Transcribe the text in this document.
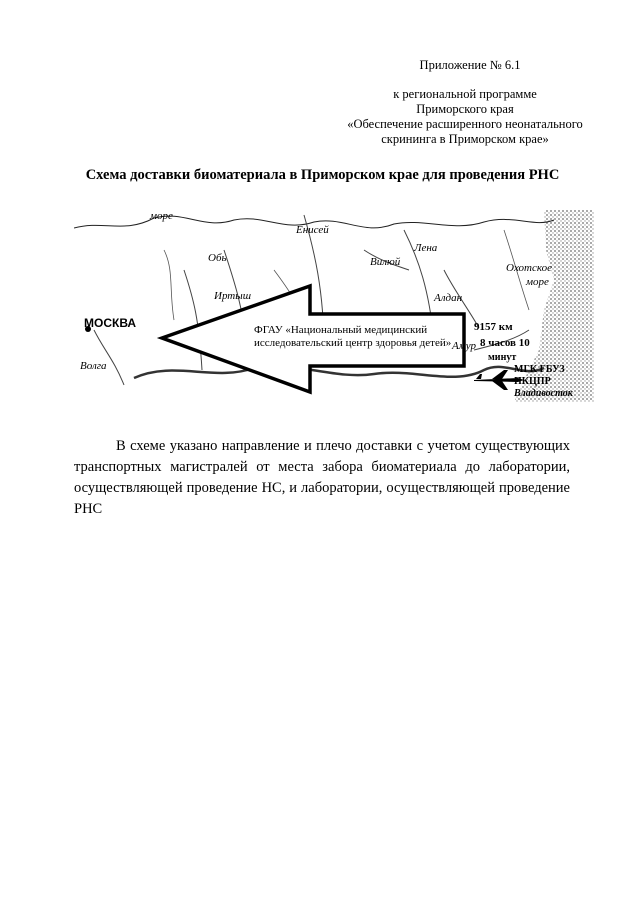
Приложение № 6.1
к региональной программе
Приморского края
«Обеспечение расширенного неонатального
скрининга в Приморском крае»
Схема доставки биоматериала в Приморском крае для проведения РНС
море
Охотское
море
Обь
Енисей
Лена
Вилюй
Алдан
Амур
Волга
Иртыш
МОСКВА	ФГАУ «Национальный медицинский исследовательский центр здоровья детей»
9157 км
8 часов 10
минут
МГК ГБУЗ
ПКЦПР
Владивосток
В схеме указано направление и плечо доставки с учетом существующих транспортных магистралей от места забора биоматериала до лаборатории, осуществляющей проведение НС, и лаборатории, осуществляющей проведение РНС
